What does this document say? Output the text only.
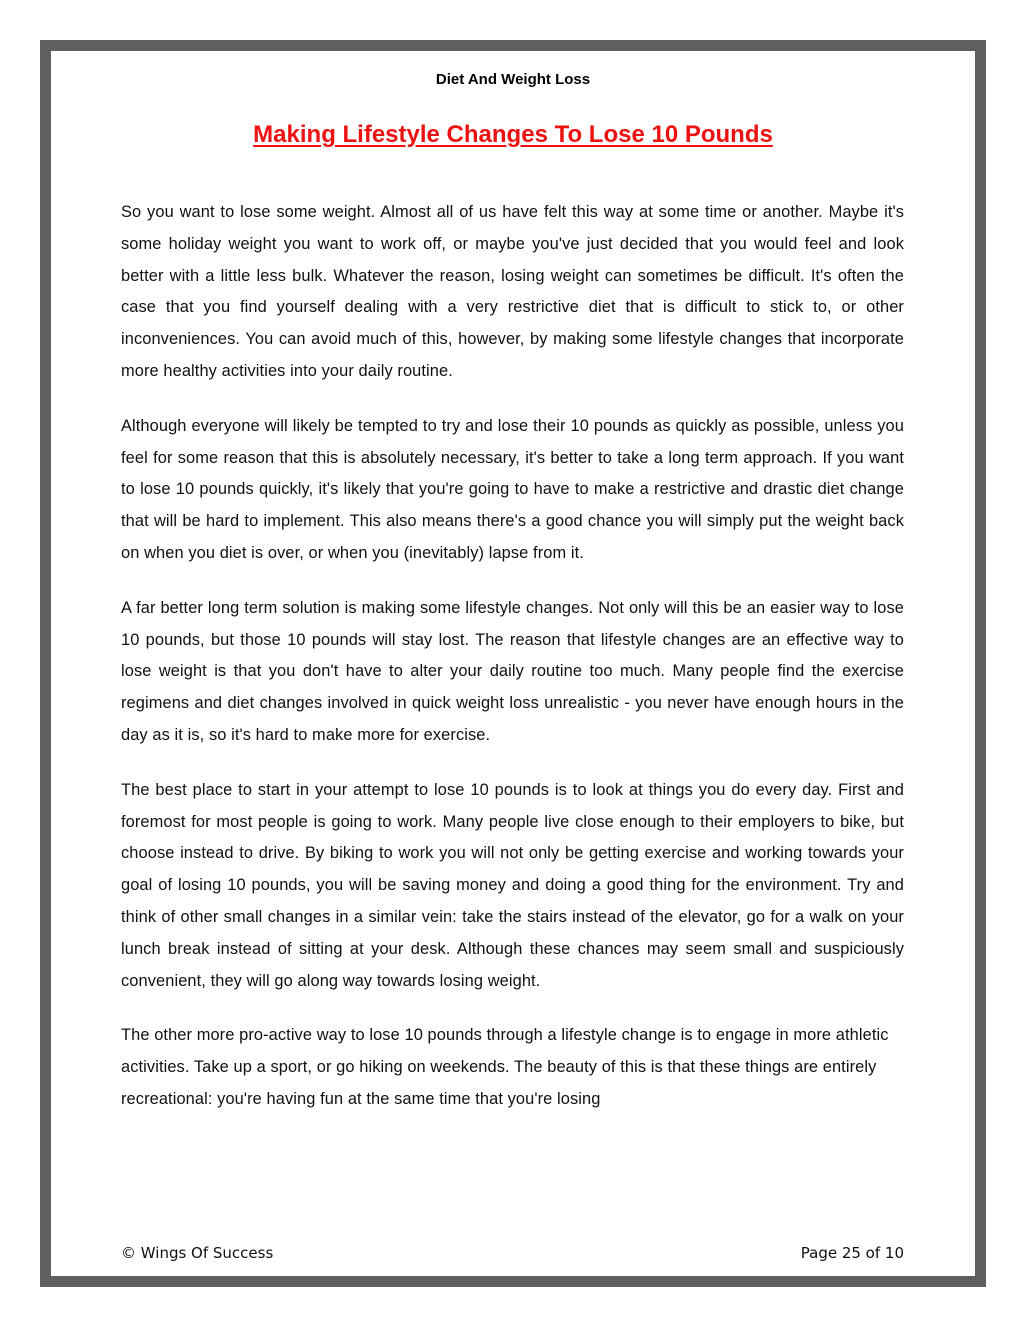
Diet And Weight Loss
Making Lifestyle Changes To Lose 10 Pounds

So you want to lose some weight. Almost all of us have felt this way at some time or another. Maybe it's some holiday weight you want to work off, or maybe you've just decided that you would feel and look better with a little less bulk. Whatever the reason, losing weight can sometimes be difficult. It's often the case that you find yourself dealing with a very restrictive diet that is difficult to stick to, or other inconveniences. You can avoid much of this, however, by making some lifestyle changes that incorporate more healthy activities into your daily routine.

Although everyone will likely be tempted to try and lose their 10 pounds as quickly as possible, unless you feel for some reason that this is absolutely necessary, it's better to take a long term approach. If you want to lose 10 pounds quickly, it's likely that you're going to have to make a restrictive and drastic diet change that will be hard to implement. This also means there's a good chance you will simply put the weight back on when you diet is over, or when you (inevitably) lapse from it.

A far better long term solution is making some lifestyle changes. Not only will this be an easier way to lose 10 pounds, but those 10 pounds will stay lost. The reason that lifestyle changes are an effective way to lose weight is that you don't have to alter your daily routine too much. Many people find the exercise regimens and diet changes involved in quick weight loss unrealistic - you never have enough hours in the day as it is, so it's hard to make more for exercise.

The best place to start in your attempt to lose 10 pounds is to look at things you do every day. First and foremost for most people is going to work. Many people live close enough to their employers to bike, but choose instead to drive. By biking to work you will not only be getting exercise and working towards your goal of losing 10 pounds, you will be saving money and doing a good thing for the environment. Try and think of other small changes in a similar vein: take the stairs instead of the elevator, go for a walk on your lunch break instead of sitting at your desk. Although these chances may seem small and suspiciously convenient, they will go along way towards losing weight.

The other more pro-active way to lose 10 pounds through a lifestyle change is to engage in more athletic activities. Take up a sport, or go hiking on weekends. The beauty of this is that these things are entirely recreational: you're having fun at the same time that you're losing

© Wings Of Success	Page 25 of 10
